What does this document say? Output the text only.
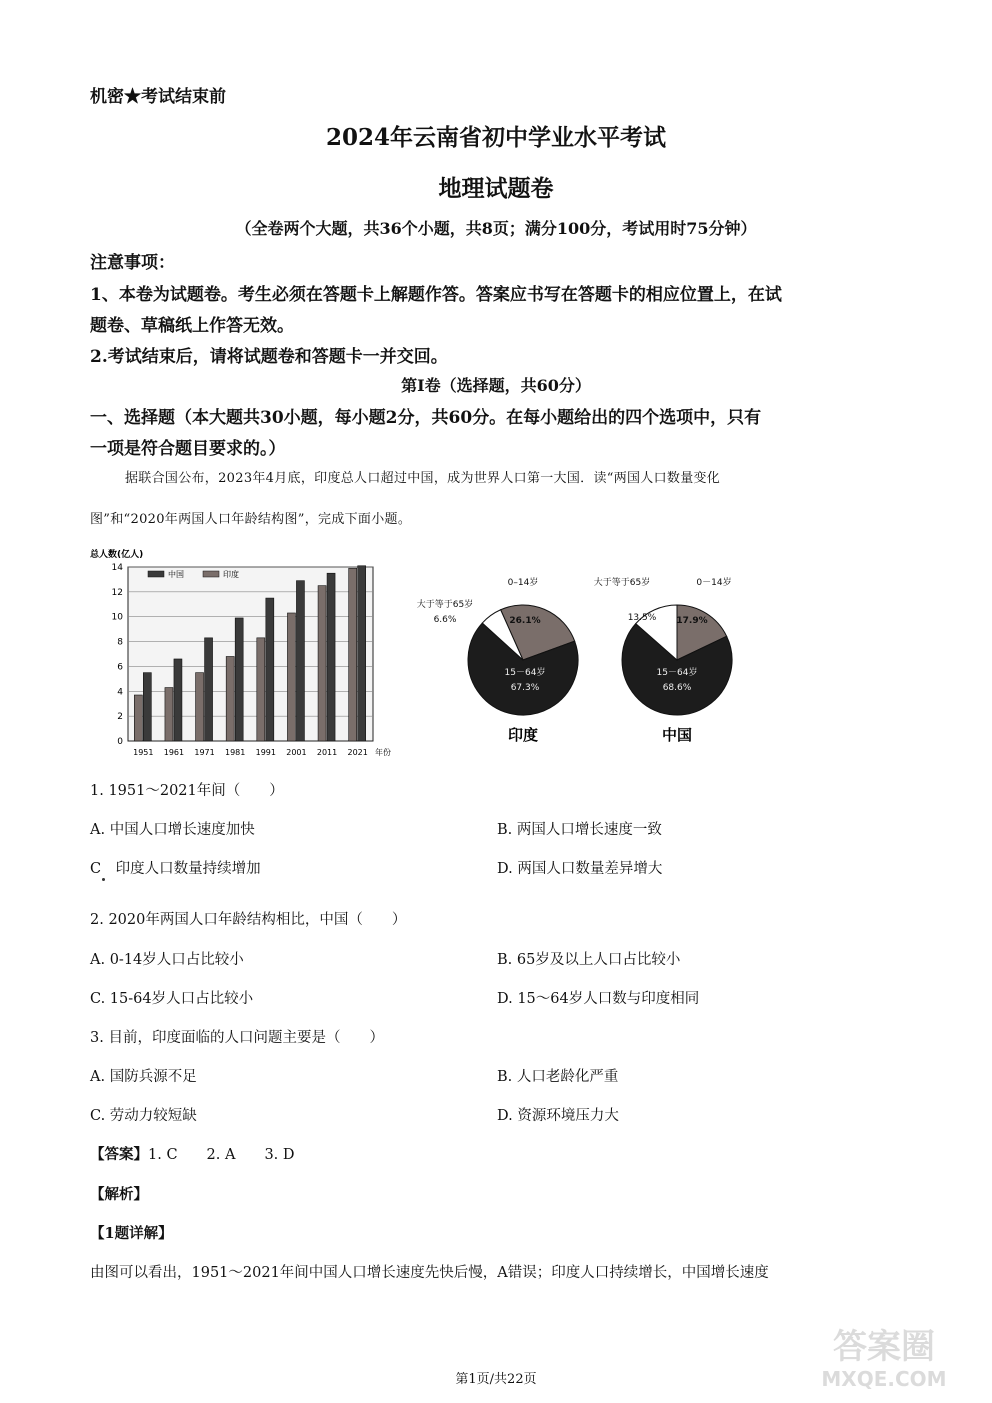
机密★考试结束前
2024年云南省初中学业水平考试
地理试题卷
（全卷两个大题，共36个小题，共8页；满分100分，考试用时75分钟）
注意事项：
1、本卷为试题卷。考生必须在答题卡上解题作答。答案应书写在答题卡的相应位置上，在试
题卷、草稿纸上作答无效。
2.考试结束后，请将试题卷和答题卡一并交回。
第Ⅰ卷（选择题，共60分）
一、选择题（本大题共30小题，每小题2分，共60分。在每小题给出的四个选项中，只有
一项是符合题目要求的。）
据联合国公布，2023年4月底，印度总人口超过中国，成为世界人口第一大国．读“两国人口数量变化
图”和“2020年两国人口年龄结构图”，完成下面小题。
0
2
4
6
8
10
12
14
总人数(亿人)
年份
1951 1961 1971 1981 1991 2001 2011 2021
中国	印度
0–14岁
26.1%
15－64岁
67.3%
大于等于65岁
6.6%
印度
0－14岁
17.9%
15－64岁
68.6%
大于等于65岁
13.5%
中国
1. 1951～2021年间（　　）
A. 中国人口增长速度加快	B. 两国人口增长速度一致
C　印度人口数量持续增加	D. 两国人口数量差异增大
2. 2020年两国人口年龄结构相比，中国（　　）
A. 0-14岁人口占比较小	B. 65岁及以上人口占比较小
C. 15-64岁人口占比较小	D. 15～64岁人口数与印度相同
3. 目前，印度面临的人口问题主要是（　　）
A. 国防兵源不足	B. 人口老龄化严重
C. 劳动力较短缺	D. 资源环境压力大
【答案】1. C　　2. A　　3. D
【解析】
【1题详解】
由图可以看出，1951～2021年间中国人口增长速度先快后慢，A错误；印度人口持续增长，中国增长速度
第1页/共22页
答案圈
MXQE.COM
